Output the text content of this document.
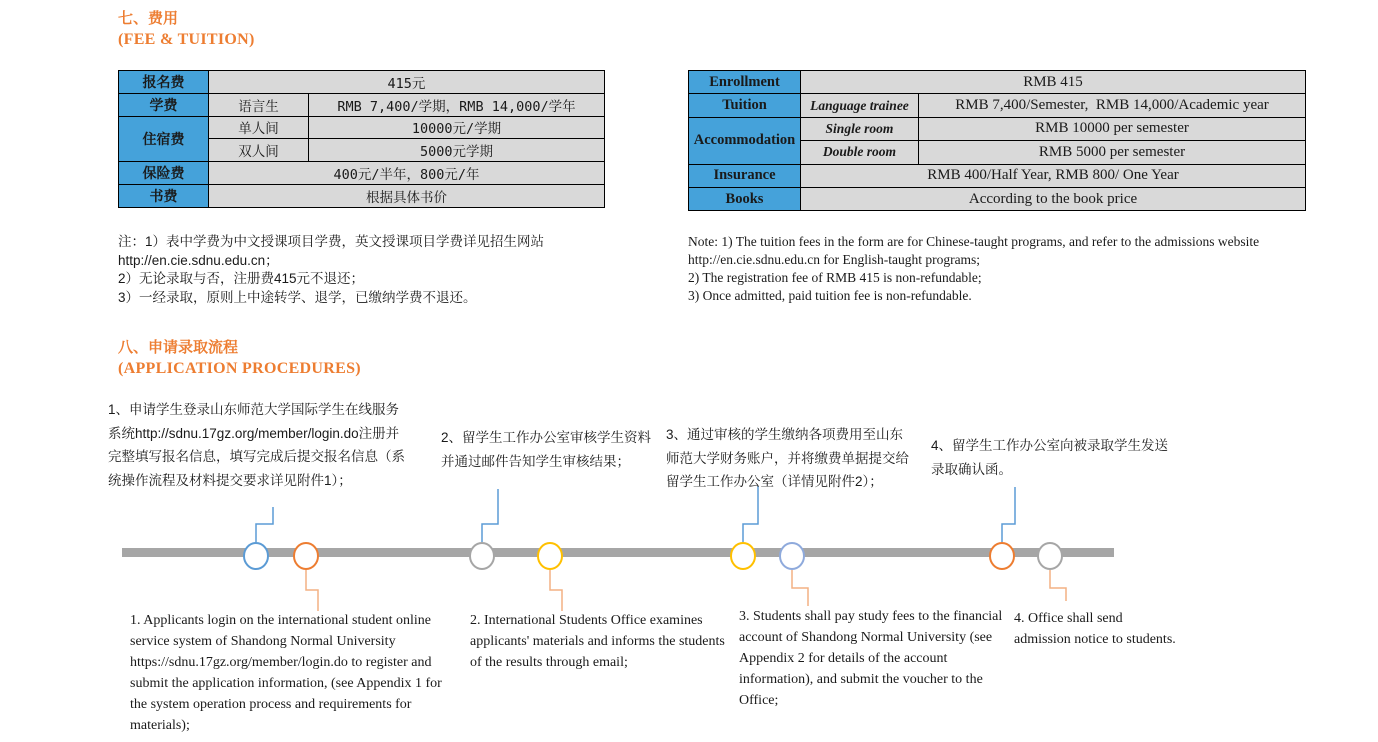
七、费用
(FEE & TUITION)
报名费	415元	
学费	语言生	RMB 7,400/学期，RMB 14,000/学年
住宿费	单人间	10000元/学期
	双人间	5000元学期
保险费	400元/半年，800元/年	
书费	根据具体书价	
Enrollment	RMB 415	
Tuition	Language trainee	RMB 7,400/Semester,  RMB 14,000/Academic year
Accommodation	Single room	RMB 10000 per semester
	Double room	RMB 5000 per semester
Insurance	RMB 400/Half Year, RMB 800/ One Year	
Books	According to the book price	
注：1）表中学费为中文授课项目学费，英文授课项目学费详见招生网站 http://en.cie.sdnu.edu.cn；
2）无论录取与否，注册费415元不退还；
3）一经录取，原则上中途转学、退学，已缴纳学费不退还。
Note: 1) The tuition fees in the form are for Chinese-taught programs, and refer to the admissions website http://en.cie.sdnu.edu.cn for English-taught programs;
2) The registration fee of RMB 415 is non-refundable;
3) Once admitted, paid tuition fee is non-refundable.
八、申请录取流程
(APPLICATION PROCEDURES)
1、申请学生登录山东师范大学国际学生在线服务系统http://sdnu.17gz.org/member/login.do注册并完整填写报名信息，填写完成后提交报名信息（系统操作流程及材料提交要求详见附件1）；
2、留学生工作办公室审核学生资料并通过邮件告知学生审核结果；
3、通过审核的学生缴纳各项费用至山东师范大学财务账户，并将缴费单据提交给留学生工作办公室（详情见附件2）；
4、留学生工作办公室向被录取学生发送录取确认函。
1. Applicants login on the international student online service system of Shandong Normal University https://sdnu.17gz.org/member/login.do to register and submit the application information, (see Appendix 1 for the system operation process and requirements for materials);
2. International Students Office examines applicants' materials and informs the students of the results through email;
3. Students shall pay study fees to the financial account of Shandong Normal University (see Appendix 2 for details of the account information), and submit the voucher to the Office;
4. Office shall send admission notice to students.
